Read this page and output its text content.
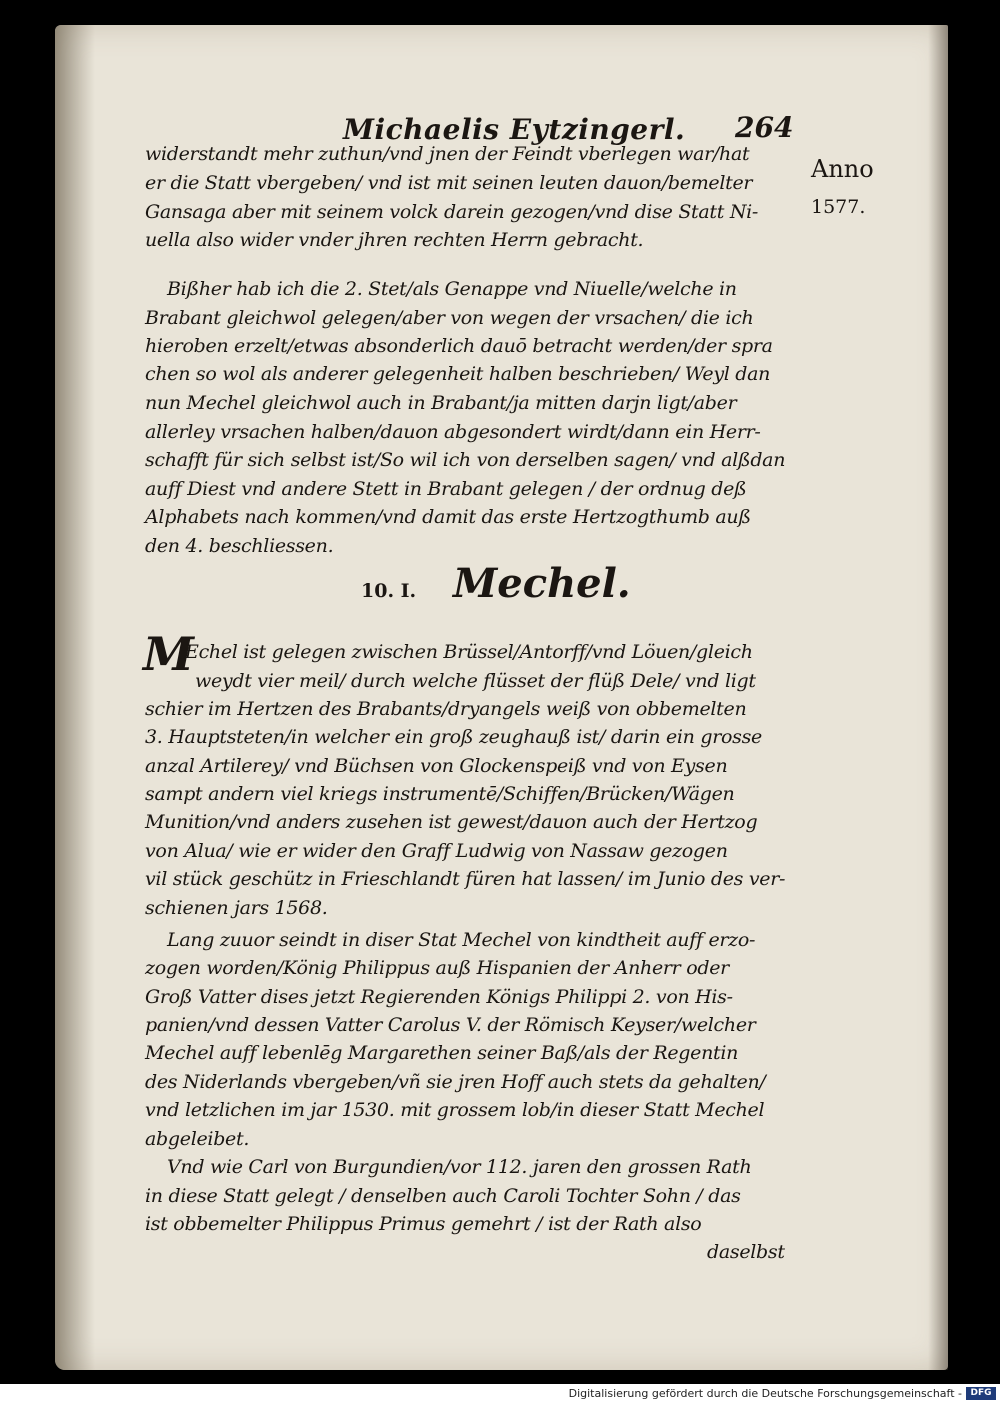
Michaelis Eytzingerl. 264
Anno
1577.
widerstandt mehr zuthun/vnd jnen der Feindt vberlegen war/hat
er die Statt vbergeben/ vnd ist mit seinen leuten dauon/bemelter
Gansaga aber mit seinem volck darein gezogen/vnd dise Statt Ni-
uella also wider vnder jhren rechten Herrn gebracht.
Bißher hab ich die 2. Stet/als Genappe vnd Niuelle/welche in
Brabant gleichwol gelegen/aber von wegen der vrsachen/ die ich
hieroben erzelt/etwas absonderlich dauō betracht werden/der spra
chen so wol als anderer gelegenheit halben beschrieben/ Weyl dan
nun Mechel gleichwol auch in Brabant/ja mitten darjn ligt/aber
allerley vrsachen halben/dauon abgesondert wirdt/dann ein Herr-
schafft für sich selbst ist/So wil ich von derselben sagen/ vnd alßdan
auff Diest vnd andere Stett in Brabant gelegen / der ordnug deß
Alphabets nach kommen/vnd damit das erste Hertzogthumb auß
den 4. beschliessen.
10. I. Mechel.
M
Echel ist gelegen zwischen Brüssel/Antorff/vnd Löuen/gleich
weydt vier meil/ durch welche flüsset der flüß Dele/ vnd ligt
schier im Hertzen des Brabants/dryangels weiß von obbemelten
3. Hauptsteten/in welcher ein groß zeughauß ist/ darin ein grosse
anzal Artilerey/ vnd Büchsen von Glockenspeiß vnd von Eysen
sampt andern viel kriegs instrumentē/Schiffen/Brücken/Wägen
Munition/vnd anders zusehen ist gewest/dauon auch der Hertzog
von Alua/ wie er wider den Graff Ludwig von Nassaw gezogen
vil stück geschütz in Frieschlandt füren hat lassen/ im Junio des ver-
schienen jars 1568.
Lang zuuor seindt in diser Stat Mechel von kindtheit auff erzo-
zogen worden/König Philippus auß Hispanien der Anherr oder
Groß Vatter dises jetzt Regierenden Königs Philippi 2. von His-
panien/vnd dessen Vatter Carolus V. der Römisch Keyser/welcher
Mechel auff lebenlēg Margarethen seiner Baß/als der Regentin
des Niderlands vbergeben/vñ sie jren Hoff auch stets da gehalten/
vnd letzlichen im jar 1530. mit grossem lob/in dieser Statt Mechel
abgeleibet.
Vnd wie Carl von Burgundien/vor 112. jaren den grossen Rath
in diese Statt gelegt / denselben auch Caroli Tochter Sohn / das
ist obbemelter Philippus Primus gemehrt / ist der Rath also
daselbst
Digitalisierung gefördert durch die Deutsche Forschungsgemeinschaft - DFG
